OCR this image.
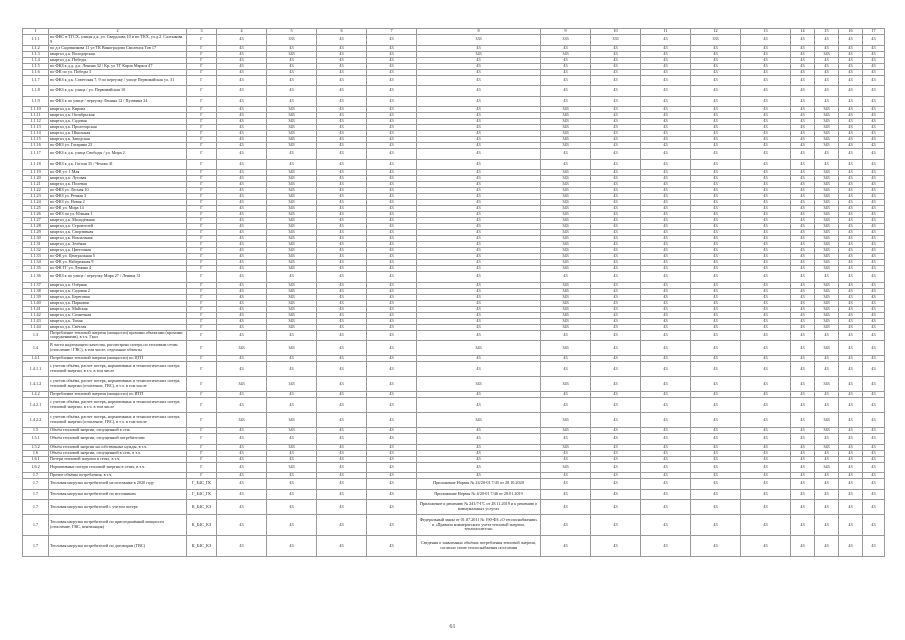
1	2	3	4	5	6	7	8	9	10	11	12	13	14	15	16	17
1.1.1	по ФКС в ТГСХ, улицы д.к. ул. Свердлова 10 и по ТКХ, ул.д.2. Салтыкова 9	Г	43	333	43	43	333	333	333	43	333	43	43	43	43	43
1.1.2	по д.з Садовникова 11 ул ТК Виноградова Смоленск Тов 17	Г	43	43	43	43	43	43	43	43	43	43	43	43	43	43
1.1.3	квартал д.к. Володарская	Г	43	343	43	43	343	343	43	43	43	43	43	343	43	43
1.1.4	квартал д.к. Победы	Г	43	43	43	43	43	43	43	43	43	43	43	43	43	43
1.1.5	по ФКЗ к д.д. д.к. Ленина 32 / Кр. ул ТГ Карла Маркса 47	Г	43	43	43	43	43	43	43	43	43	43	43	43	43	43
1.1.6	по ФК по ул. Победы 3	Г	43	43	43	43	43	43	43	43	43	43	43	43	43	43
1.1.7	по ФКЗ к д.к. Советская 7, 9 по переулку / улице Первомайская ул. 31	Г	43	43	43	43	43	43	43	43	43	43	43	43	43	43
1.1.8	по ФКЗ к д.к. улица / ул. Первомайская 10	Г	43	43	43	43	43	43	43	43	43	43	43	43	43	43
1.1.9	по ФКЗ к по улице / переулку Ленина 12 / Пушкина 24	Г	43	43	43	43	43	43	43	43	43	43	43	43	43	43
1.1.10	квартал д.к. Кирова	Г	43	343	43	43	43	343	43	43	43	43	43	343	43	43
1.1.11	квартал д.к. Октябрьская	Г	43	343	43	43	43	343	43	43	43	43	43	343	43	43
1.1.12	квартал д.к. Садовая	Г	43	343	43	43	43	343	43	43	43	43	43	343	43	43
1.1.13	квартал д.к. Пролетарская	Г	43	343	43	43	43	343	43	43	43	43	43	343	43	43
1.1.14	квартал д.к. Школьная	Г	43	343	43	43	43	343	43	43	43	43	43	343	43	43
1.1.15	квартал д.к. Заводская	Г	43	343	43	43	43	343	43	43	43	43	43	343	43	43
1.1.16	по ФКЗ ул. Гагарина 23	Г	43	343	43	43	43	343	43	43	43	43	43	343	43	43
1.1.17	по ФКЗ к д.к. улица Свободы / ул. Мира 2	Г	43	43	43	43	43	43	43	43	43	43	43	43	43	43
1.1.18	по ФКЗ к д.к. Гоголя 35 / Чехова 41	Г	43	43	43	43	43	43	43	43	43	43	43	43	43	43
1.1.19	по ФК ул. 1 Мая	Г	43	343	43	43	43	343	43	43	43	43	43	343	43	43
1.1.20	квартал д.к. Луговая	Г	43	343	43	43	43	343	43	43	43	43	43	343	43	43
1.1.21	квартал д.к. Полевая	Г	43	343	43	43	43	343	43	43	43	43	43	343	43	43
1.1.22	по ФКЗ ул. Лесная 10	Г	43	343	43	43	43	343	43	43	43	43	43	343	43	43
1.1.23	по ФКЗ ул. Речная 3	Г	43	343	43	43	43	343	43	43	43	43	43	343	43	43
1.1.24	по ФКЗ ул. Новая 2	Г	43	343	43	43	43	343	43	43	43	43	43	343	43	43
1.1.25	по ФК ул. Мира 14	Г	43	343	43	43	43	343	43	43	43	43	43	343	43	43
1.1.26	по ФКЗ по ул. Южная 1	Г	43	343	43	43	43	343	43	43	43	43	43	343	43	43
1.1.27	квартал д.к. Молодёжная	Г	43	343	43	43	43	343	43	43	43	43	43	343	43	43
1.1.28	квартал д.к. Строителей	Г	43	343	43	43	43	343	43	43	43	43	43	343	43	43
1.1.29	квартал д.к. Спортивная	Г	43	343	43	43	43	343	43	43	43	43	43	343	43	43
1.1.30	квартал д.к. Вокзальная	Г	43	343	43	43	43	343	43	43	43	43	43	343	43	43
1.1.31	квартал д.к. Зелёная	Г	43	343	43	43	43	343	43	43	43	43	43	343	43	43
1.1.32	квартал д.к. Цветочная	Г	43	343	43	43	43	343	43	43	43	43	43	343	43	43
1.1.33	по ФК ул. Центральная 5	Г	43	343	43	43	43	343	43	43	43	43	43	343	43	43
1.1.34	по ФК ул. Набережная 9	Г	43	343	43	43	43	343	43	43	43	43	43	343	43	43
1.1.35	по ФК ТГ ул. Ленина 4	Г	43	343	43	43	43	343	43	43	43	43	43	343	43	43
1.1.36	по ФКЗ к по улице / переулку Мира 27 / Ленина 31	Г	43	43	43	43	43	43	43	43	43	43	43	43	43	43
1.1.37	квартал д.к. Озёрная	Г	43	343	43	43	43	343	43	43	43	43	43	343	43	43
1.1.38	квартал д.к. Садовая 2	Г	43	343	43	43	43	343	43	43	43	43	43	343	43	43
1.1.39	квартал д.к. Береговая	Г	43	343	43	43	43	343	43	43	43	43	43	343	43	43
1.1.40	квартал д.к. Парковая	Г	43	343	43	43	43	343	43	43	43	43	43	343	43	43
1.1.41	квартал д.к. Майская	Г	43	343	43	43	43	343	43	43	43	43	43	343	43	43
1.1.42	квартал д.к. Солнечная	Г	43	343	43	43	43	343	43	43	43	43	43	343	43	43
1.1.43	квартал д.к. Тихая	Г	43	343	43	43	43	343	43	43	43	43	43	343	43	43
1.1.44	квартал д.к. Светлая	Г	43	343	43	43	43	343	43	43	43	43	43	343	43	43
1.3	Потребление тепловой энергии (мощности) прочими объектами (прочими сооружениями), в т.ч. Гкал	Г	43	43	43	43	43	43	43	43	43	43	43	43	43	43
1.4	В части надлежащего качества, рассмотрено потерь по тепловым сетям (отопление / ГВС), в том числе, отдельные объекты	Г	343	343	43	43	343	343	43	43	43	43	43	343	43	43
1.4.1	Потребление тепловой энергии (мощности) по ЦТП	Г	43	43	43	43	43	43	43	43	43	43	43	43	43	43
1.4.1.1	с учетом объёма, расчет потерь, нормативных и технологических потерь тепловой энергии, в т.ч. в том числе	Г	43	43	43	43	43	43	43	43	43	43	43	43	43	43
1.4.1.2	с учетом объёма, расчет потерь, нормативных и технологических потерь тепловой энергии (отопление, ГВС), в т.ч. в том числе	Г	343	343	43	43	343	343	43	43	43	43	43	343	43	43
1.4.2	Потребление тепловой энергии (мощности) по ИТП	Г	43	43	43	43	43	43	43	43	43	43	43	43	43	43
1.4.2.1	с учетом объёма, расчет потерь, нормативных и технологических потерь тепловой энергии, в т.ч. в том числе	Г	43	43	43	43	43	43	43	43	43	43	43	43	43	43
1.4.2.2	с учетом объёма, расчет потерь, нормативных и технологических потерь тепловой энергии (отопление, ГВС), в т.ч. в том числе	Г	343	343	43	43	343	343	43	43	43	43	43	343	43	43
1.5	Объём тепловой энергии, отпущенной в сеть	Г	43	343	43	43	43	343	43	43	43	43	43	343	43	43
1.5.1	Объём тепловой энергии, отпущенной потребителям	Г	43	43	43	43	43	43	43	43	43	43	43	43	43	43
1.5.2	Объём тепловой энергии на собственные нужды, в т.ч.	Г	43	343	43	43	43	343	43	43	43	43	43	343	43	43
1.6	Объём тепловой энергии, отпущенной в сеть, в т.ч.	Г	43	43	43	43	43	43	43	43	43	43	43	43	43	43
1.6.1	Потери тепловой энергии в сетях, в т.ч.	Г	43	43	43	43	43	43	43	43	43	43	43	43	43	43
1.6.2	Нормативные потери тепловой энергии в сетях, в т.ч.	Г	43	343	43	43	43	343	43	43	43	43	43	343	43	43
1.7	Прочие объёмы потребления, в т.ч.	Г	43	43	43	43	43	43	43	43	43	43	43	43	43	43
1.7	Тепловая нагрузка потребителей на источнике в 2020 году	Г_Б4С_ГК	43	43	43	43	Приложение Нормы № 24/20-01 7/45 от 28.10.2020	43	43	43	43	43	43	43	43	43
1.7	Тепловая нагрузка потребителей по источникам	Г_Б4С_ГК	43	43	43	43	Приложение Нормы № 4/20-01 7/46 от 20.01.2019	43	43	43	43	43	43	43	43	43
1.7	Тепловая нагрузка потребителей с учетом потерь	К_Б4С_КЗ	43	43	43	43	Приложение к решению № 241/7-ГС от 28.11.2019 и к решению о коммунальных услугах	43	43	43	43	43	43	43	43	43
1.7	Тепловая нагрузка потребителей по присоединённой мощности (отопление, ГВС, вентиляция)	К_Б4С_КЗ	43	43	43	43	Федеральный закон от 01.07.2011 № 190-ФЗ «О теплоснабжении» и «Правила коммерческого учета тепловой энергии, теплоносителя»	43	43	43	43	43	43	43	43	43
1.7	Тепловая нагрузка потребителей по договорам (ГВС)	К_Б4С_КЗ	43	43	43	43	Сведения о заявленных объёмах потребления тепловой энергии, согласно схеме теплоснабжения поселения	43	43	43	43	43	43	43	43	43
61
